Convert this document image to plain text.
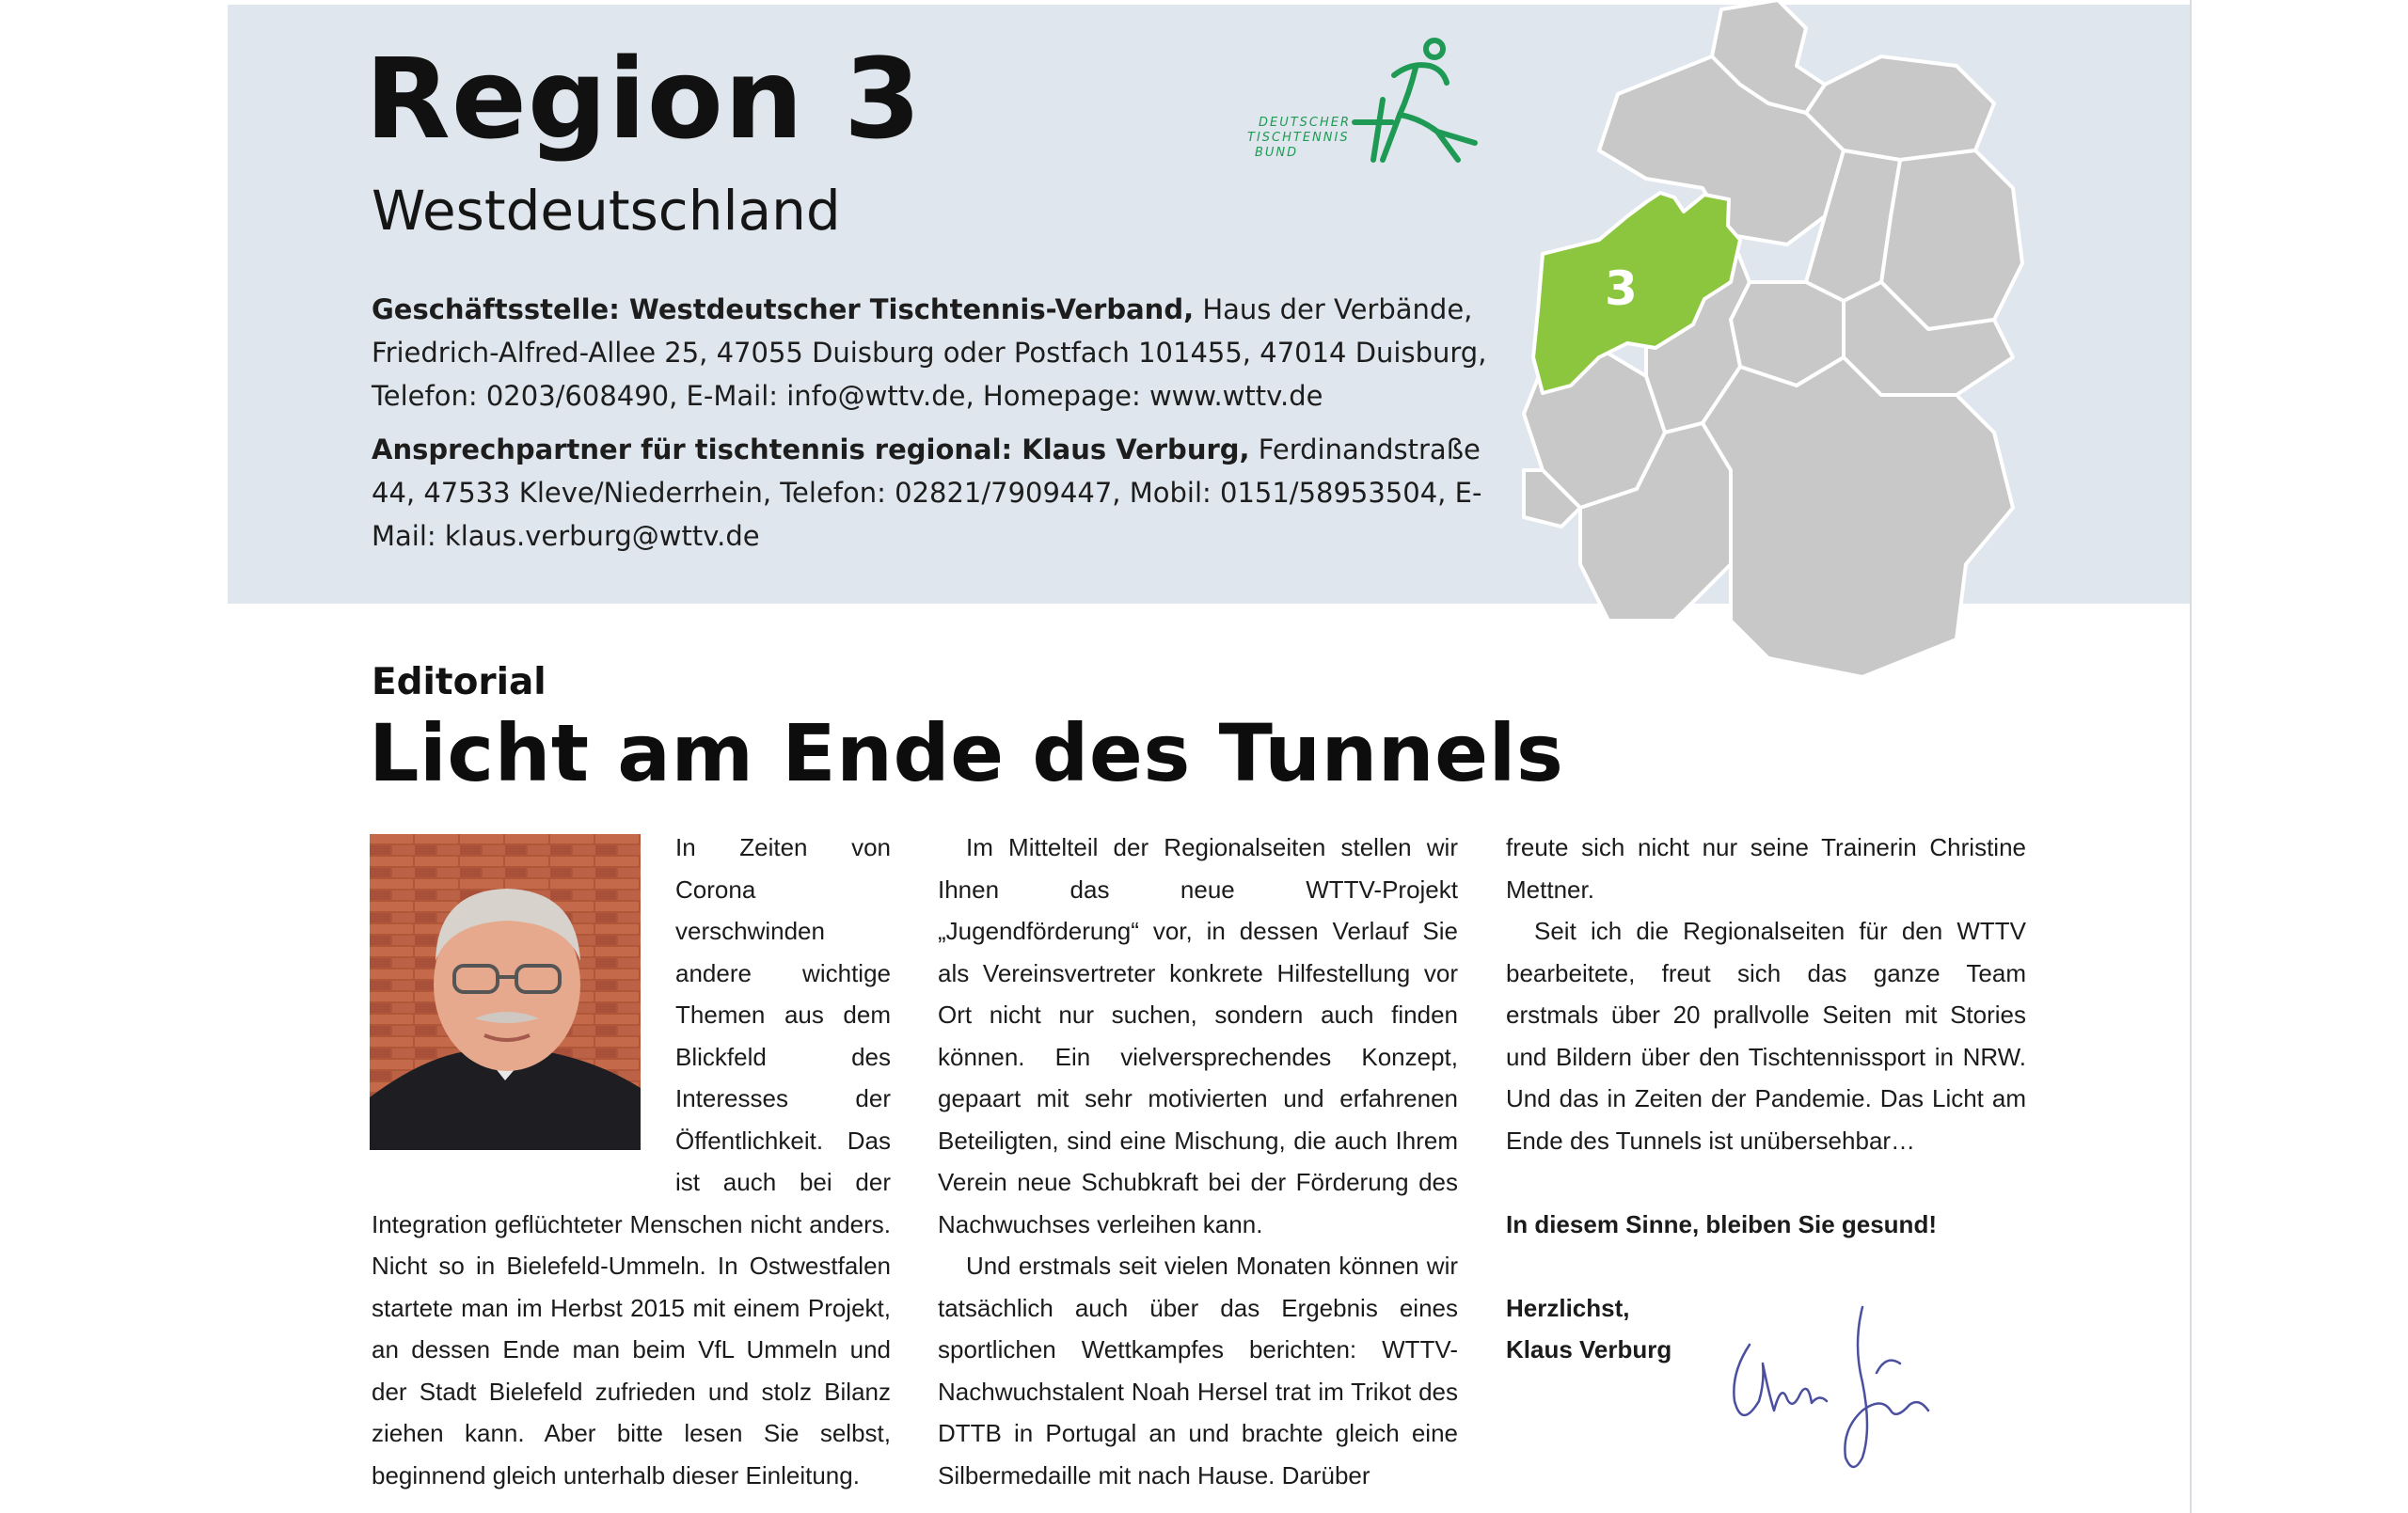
Region 3
Westdeutschland
Geschäftsstelle: Westdeutscher Tischtennis-Verband, Haus der Verbände, Friedrich-Alfred-Allee 25, 47055 Duisburg oder Postfach 101455, 47014 Duisburg, Telefon: 0203/608490, E-Mail: info@wttv.de, Homepage: www.wttv.de
Ansprechpartner für tischtennis regional: Klaus Verburg, Ferdinandstraße 44, 47533 Kleve/Niederrhein, Telefon: 02821/7909447, Mobil: 0151/58953504, E-Mail: klaus.verburg@wttv.de
DEUTSCHER
TISCHTENNIS
BUND
3
Editorial
Licht am Ende des Tunnels

In Zeiten von Corona verschwinden andere wichtige Themen aus dem Blickfeld des Interesses der Öffentlichkeit. Das ist auch bei der Integration geflüchteter Menschen nicht anders. Nicht so in Bielefeld-Ummeln. In Ostwestfalen startete man im Herbst 2015 mit einem Projekt, an dessen Ende man beim VfL Ummeln und der Stadt Bielefeld zufrieden und stolz Bilanz ziehen kann. Aber bitte lesen Sie selbst, beginnend gleich unterhalb dieser Einleitung.

Im Mittelteil der Regionalseiten stellen wir Ihnen das neue WTTV-Projekt „Jugendförderung“ vor, in dessen Verlauf Sie als Vereinsvertreter konkrete Hilfestellung vor Ort nicht nur suchen, sondern auch finden können. Ein vielversprechendes Konzept, gepaart mit sehr motivierten und erfahrenen Beteiligten, sind eine Mischung, die auch Ihrem Verein neue Schubkraft bei der Förderung des Nachwuchses verleihen kann.

Und erstmals seit vielen Monaten können wir tatsächlich auch über das Ergebnis eines sportlichen Wettkampfes berichten: WTTV-Nachwuchstalent Noah Hersel trat im Trikot des DTTB in Portugal an und brachte gleich eine Silbermedaille mit nach Hause. Darüber

freute sich nicht nur seine Trainerin Christine Mettner.

Seit ich die Regionalseiten für den WTTV bearbeitete, freut sich das ganze Team erstmals über 20 prallvolle Seiten mit Stories und Bildern über den Tischtennissport in NRW. Und das in Zeiten der Pandemie. Das Licht am Ende des Tunnels ist unübersehbar…

In diesem Sinne, bleiben Sie gesund!

Herzlichst,
Klaus Verburg
